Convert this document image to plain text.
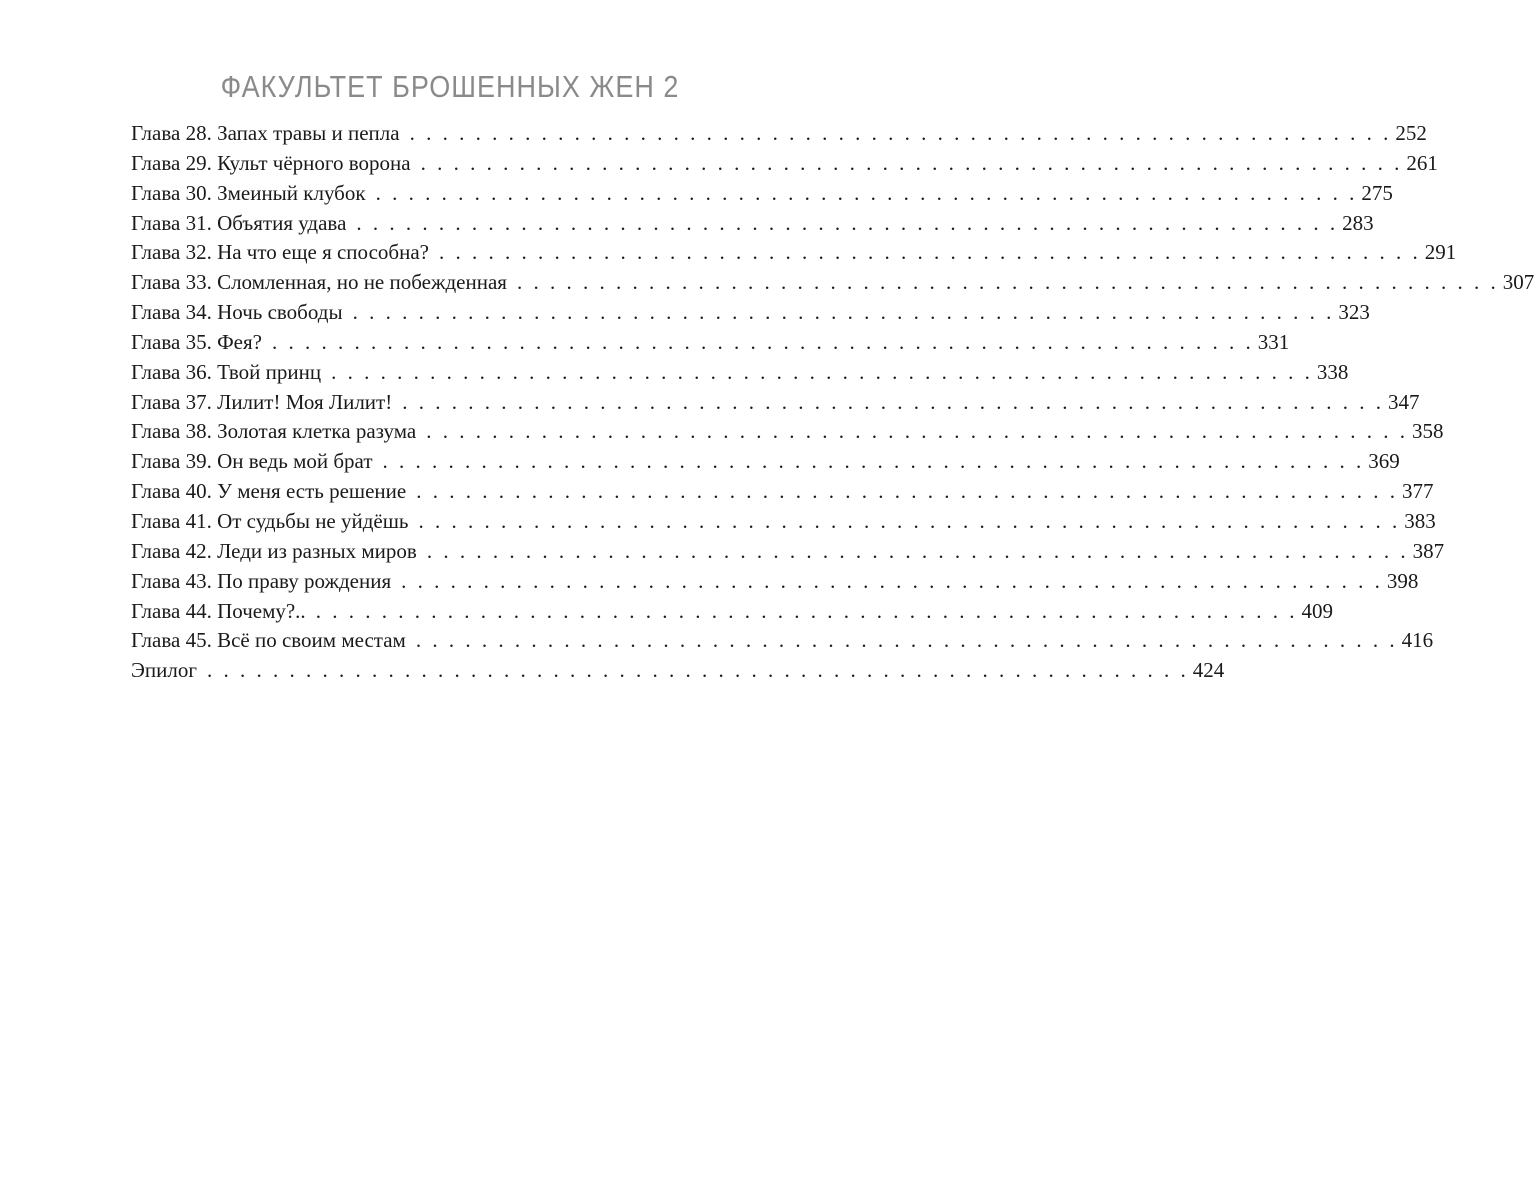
ФАКУЛЬТЕТ БРОШЕННЫХ ЖЕН 2
Глава 28. Запах травы и пепла . . . . . . . . . . . . . . . . . . . . . . . . . . . . . . . . . . . . . . . . . . . . . . . . . . . . . . . . . . . . 252
Глава 29. Культ чёрного ворона . . . . . . . . . . . . . . . . . . . . . . . . . . . . . . . . . . . . . . . . . . . . . . . . . . . . . . . . . . . . 261
Глава 30. Змеиный клубок . . . . . . . . . . . . . . . . . . . . . . . . . . . . . . . . . . . . . . . . . . . . . . . . . . . . . . . . . . . . 275
Глава 31. Объятия удава . . . . . . . . . . . . . . . . . . . . . . . . . . . . . . . . . . . . . . . . . . . . . . . . . . . . . . . . . . . . 283
Глава 32. На что еще я способна? . . . . . . . . . . . . . . . . . . . . . . . . . . . . . . . . . . . . . . . . . . . . . . . . . . . . . . . . . . . . 291
Глава 33. Сломленная, но не побежденная . . . . . . . . . . . . . . . . . . . . . . . . . . . . . . . . . . . . . . . . . . . . . . . . . . . . . . . . . . . . 307
Глава 34. Ночь свободы . . . . . . . . . . . . . . . . . . . . . . . . . . . . . . . . . . . . . . . . . . . . . . . . . . . . . . . . . . . . 323
Глава 35. Фея? . . . . . . . . . . . . . . . . . . . . . . . . . . . . . . . . . . . . . . . . . . . . . . . . . . . . . . . . . . . . 331
Глава 36. Твой принц . . . . . . . . . . . . . . . . . . . . . . . . . . . . . . . . . . . . . . . . . . . . . . . . . . . . . . . . . . . . 338
Глава 37. Лилит! Моя Лилит! . . . . . . . . . . . . . . . . . . . . . . . . . . . . . . . . . . . . . . . . . . . . . . . . . . . . . . . . . . . . 347
Глава 38. Золотая клетка разума . . . . . . . . . . . . . . . . . . . . . . . . . . . . . . . . . . . . . . . . . . . . . . . . . . . . . . . . . . . . 358
Глава 39. Он ведь мой брат . . . . . . . . . . . . . . . . . . . . . . . . . . . . . . . . . . . . . . . . . . . . . . . . . . . . . . . . . . . . 369
Глава 40. У меня есть решение . . . . . . . . . . . . . . . . . . . . . . . . . . . . . . . . . . . . . . . . . . . . . . . . . . . . . . . . . . . . 377
Глава 41. От судьбы не уйдёшь . . . . . . . . . . . . . . . . . . . . . . . . . . . . . . . . . . . . . . . . . . . . . . . . . . . . . . . . . . . . 383
Глава 42. Леди из разных миров . . . . . . . . . . . . . . . . . . . . . . . . . . . . . . . . . . . . . . . . . . . . . . . . . . . . . . . . . . . . 387
Глава 43. По праву рождения . . . . . . . . . . . . . . . . . . . . . . . . . . . . . . . . . . . . . . . . . . . . . . . . . . . . . . . . . . . . 398
Глава 44. Почему?.. . . . . . . . . . . . . . . . . . . . . . . . . . . . . . . . . . . . . . . . . . . . . . . . . . . . . . . . . . . . . 409
Глава 45. Всё по своим местам . . . . . . . . . . . . . . . . . . . . . . . . . . . . . . . . . . . . . . . . . . . . . . . . . . . . . . . . . . . . 416
Эпилог . . . . . . . . . . . . . . . . . . . . . . . . . . . . . . . . . . . . . . . . . . . . . . . . . . . . . . . . . . . . 424
